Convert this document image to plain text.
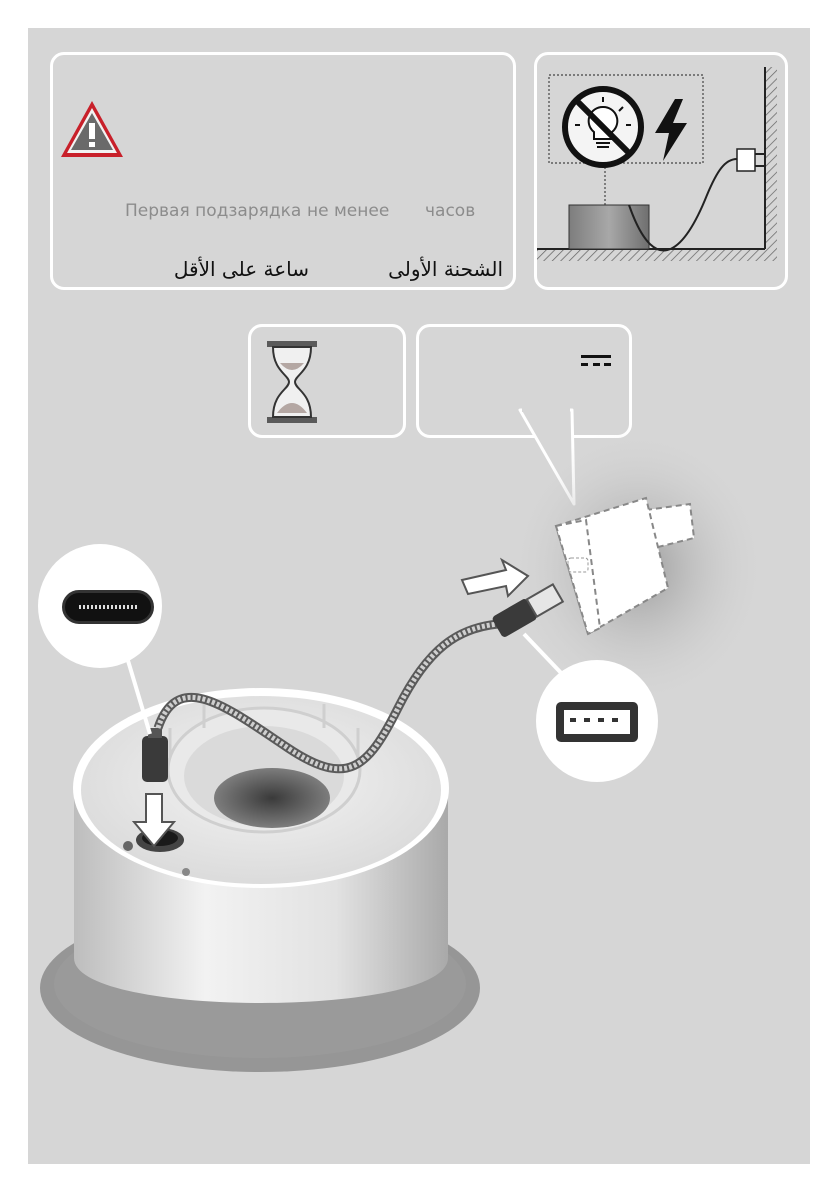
Первая подзарядка не менее часов
الشحنة الأولى
ساعة على الأقل
